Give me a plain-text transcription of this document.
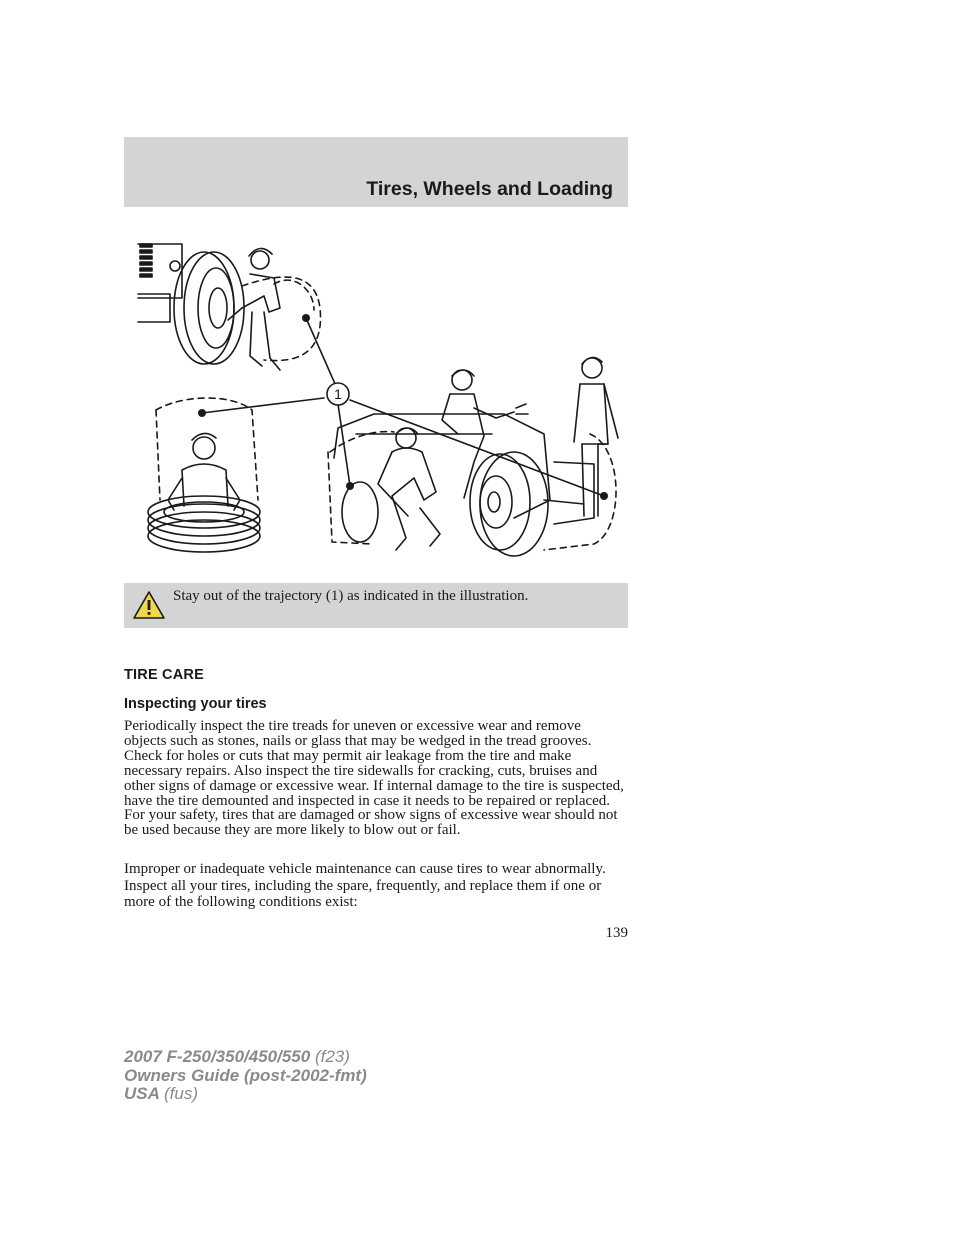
Tires, Wheels and Loading
1
Stay out of the trajectory (1) as indicated in the illustration.
TIRE CARE
Inspecting your tires

Periodically inspect the tire treads for uneven or excessive wear and remove objects such as stones, nails or glass that may be wedged in the tread grooves. Check for holes or cuts that may permit air leakage from the tire and make necessary repairs. Also inspect the tire sidewalls for cracking, cuts, bruises and other signs of damage or excessive wear. If internal damage to the tire is suspected, have the tire demounted and inspected in case it needs to be repaired or replaced. For your safety, tires that are damaged or show signs of excessive wear should not be used because they are more likely to blow out or fail.

Improper or inadequate vehicle maintenance can cause tires to wear abnormally. Inspect all your tires, including the spare, frequently, and replace them if one or more of the following conditions exist:

139
2007 F-250/350/450/550 (f23)
Owners Guide (post-2002-fmt)
USA (fus)
